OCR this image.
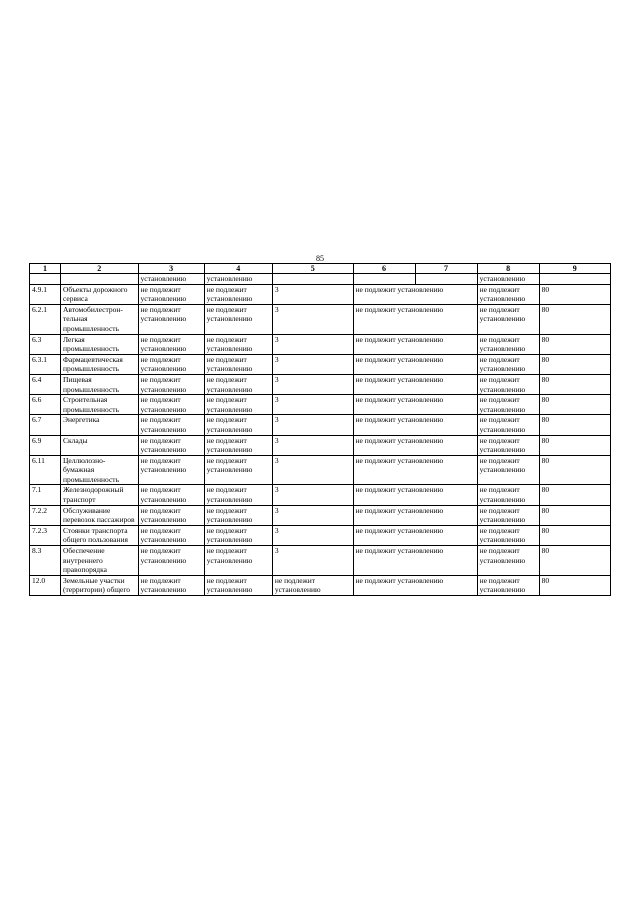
85
1	2	3	4	5	6	7	8	9
		установлению	установлению				установлению	
4.9.1	Объекты дорожного сервиса	не подлежит установлению	не подлежит установлению	3	не подлежит установлению		не подлежит установлению	80
6.2.1	Автомобилестрон-тельная промышленность	не подлежит установлению	не подлежит установлению	3	не подлежит установлению		не подлежит установлению	80
6.3	Легкая промышленность	не подлежит установлению	не подлежит установлению	3	не подлежит установлению		не подлежит установлению	80
6.3.1	Фармацевтическая промышленность	не подлежит установлению	не подлежит установлению	3	не подлежит установлению		не подлежит установлению	80
6.4	Пищевая промышленность	не подлежит установлению	не подлежит установлению	3	не подлежит установлению		не подлежит установлению	80
6.6	Строительная промышленность	не подлежит установлению	не подлежит установлению	3	не подлежит установлению		не подлежит установлению	80
6.7	Энергетика	не подлежит установлению	не подлежит установлению	3	не подлежит установлению		не подлежит установлению	80
6.9	Склады	не подлежит установлению	не подлежит установлению	3	не подлежит установлению		не подлежит установлению	80
6.11	Целлюлозно-бумажная промышленность	не подлежит установлению	не подлежит установлению	3	не подлежит установлению		не подлежит установлению	80
7.1	Железнодорожный транспорт	не подлежит установлению	не подлежит установлению	3	не подлежит установлению		не подлежит установлению	80
7.2.2	Обслуживание перевозок пассажиров	не подлежит установлению	не подлежит установлению	3	не подлежит установлению		не подлежит установлению	80
7.2.3	Стоянки транспорта общего пользования	не подлежит установлению	не подлежит установлению	3	не подлежит установлению		не подлежит установлению	80
8.3	Обеспечение внутреннего правопорядка	не подлежит установлению	не подлежит установлению	3	не подлежит установлению		не подлежит установлению	80
12.0	Земельные участки (территории) общего	не подлежит установлению	не подлежит установлению	не подлежит установлению	не подлежит установлению		не подлежит установлению	80
